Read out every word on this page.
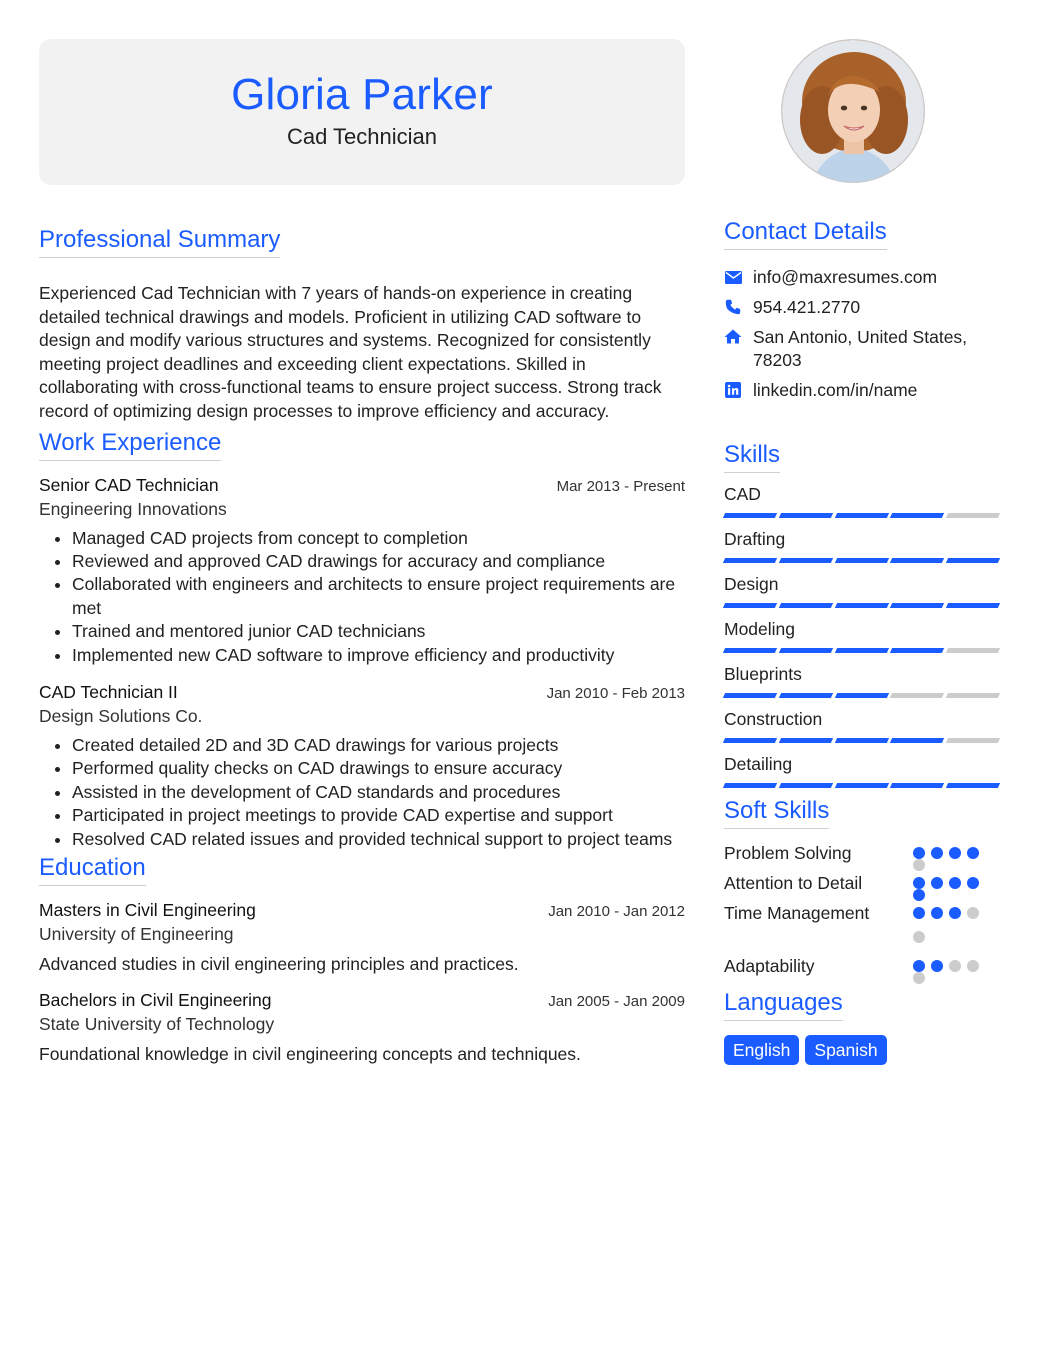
Gloria Parker
Cad Technician
Professional Summary

Experienced Cad Technician with 7 years of hands-on experience in creating detailed technical drawings and models. Proficient in utilizing CAD software to design and modify various structures and systems. Recognized for consistently meeting project deadlines and exceeding client expectations. Skilled in collaborating with cross-functional teams to ensure project success. Strong track record of optimizing design processes to improve efficiency and accuracy.

Work Experience
Senior CAD Technician	Mar 2013 - Present
Engineering Innovations
• Managed CAD projects from concept to completion
• Reviewed and approved CAD drawings for accuracy and compliance
• Collaborated with engineers and architects to ensure project requirements are met
• Trained and mentored junior CAD technicians
• Implemented new CAD software to improve efficiency and productivity
CAD Technician II	Jan 2010 - Feb 2013
Design Solutions Co.
• Created detailed 2D and 3D CAD drawings for various projects
• Performed quality checks on CAD drawings to ensure accuracy
• Assisted in the development of CAD standards and procedures
• Participated in project meetings to provide CAD expertise and support
• Resolved CAD related issues and provided technical support to project teams
Education
Masters in Civil Engineering	Jan 2010 - Jan 2012
University of Engineering
Advanced studies in civil engineering principles and practices.
Bachelors in Civil Engineering	Jan 2005 - Jan 2009
State University of Technology
Foundational knowledge in civil engineering concepts and techniques.
Contact Details
info@maxresumes.com
954.421.2770
San Antonio, United States, 78203
linkedin.com/in/name
Skills
CAD
Drafting
Design
Modeling
Blueprints
Construction
Detailing
Soft Skills
Problem Solving
Attention to Detail
Time Management
Adaptability
Languages
English	Spanish
